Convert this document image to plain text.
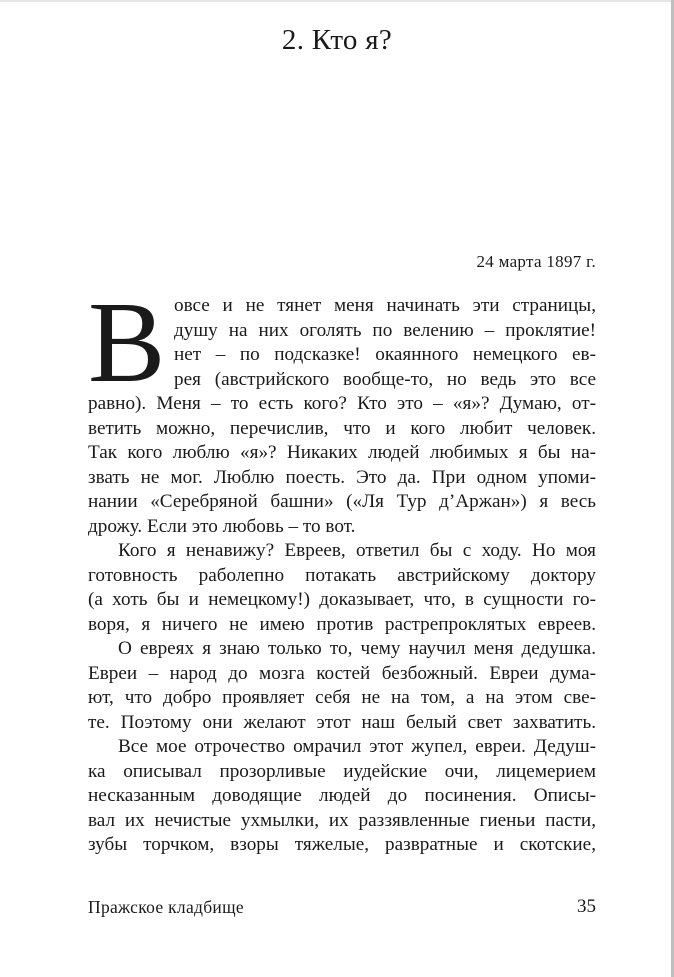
2. Кто я?
24 марта 1897 г.

В овсе и не тянет меня начинать эти страницы,
душу на них оголять по велению – проклятие!
нет – по подсказке! окаянного немецкого ев-
рея (австрийского вообще-то, но ведь это все
равно). Меня – то есть кого? Кто это – «я»? Думаю, от-
ветить можно, перечислив, что и кого любит человек.
Так кого люблю «я»? Никаких людей любимых я бы на-
звать не мог. Люблю поесть. Это да. При одном упоми-
нании «Серебряной башни» («Ля Тур д’Аржан») я весь
дрожу. Если это любовь – то вот.

Кого я ненавижу? Евреев, ответил бы с ходу. Но моя
готовность раболепно потакать австрийскому доктору
(а хоть бы и немецкому!) доказывает, что, в сущности го-
воря, я ничего не имею против растрепроклятых евреев.

О евреях я знаю только то, чему научил меня дедушка.
Евреи – народ до мозга костей безбожный. Евреи дума-
ют, что добро проявляет себя не на том, а на этом све-
те. Поэтому они желают этот наш белый свет захватить.

Все мое отрочество омрачил этот жупел, евреи. Дедуш-
ка описывал прозорливые иудейские очи, лицемерием
несказанным доводящие людей до посинения. Описы-
вал их нечистые ухмылки, их раззявленные гиеньи пасти,
зубы торчком, взоры тяжелые, развратные и скотские,

Пражское кладбище	35
